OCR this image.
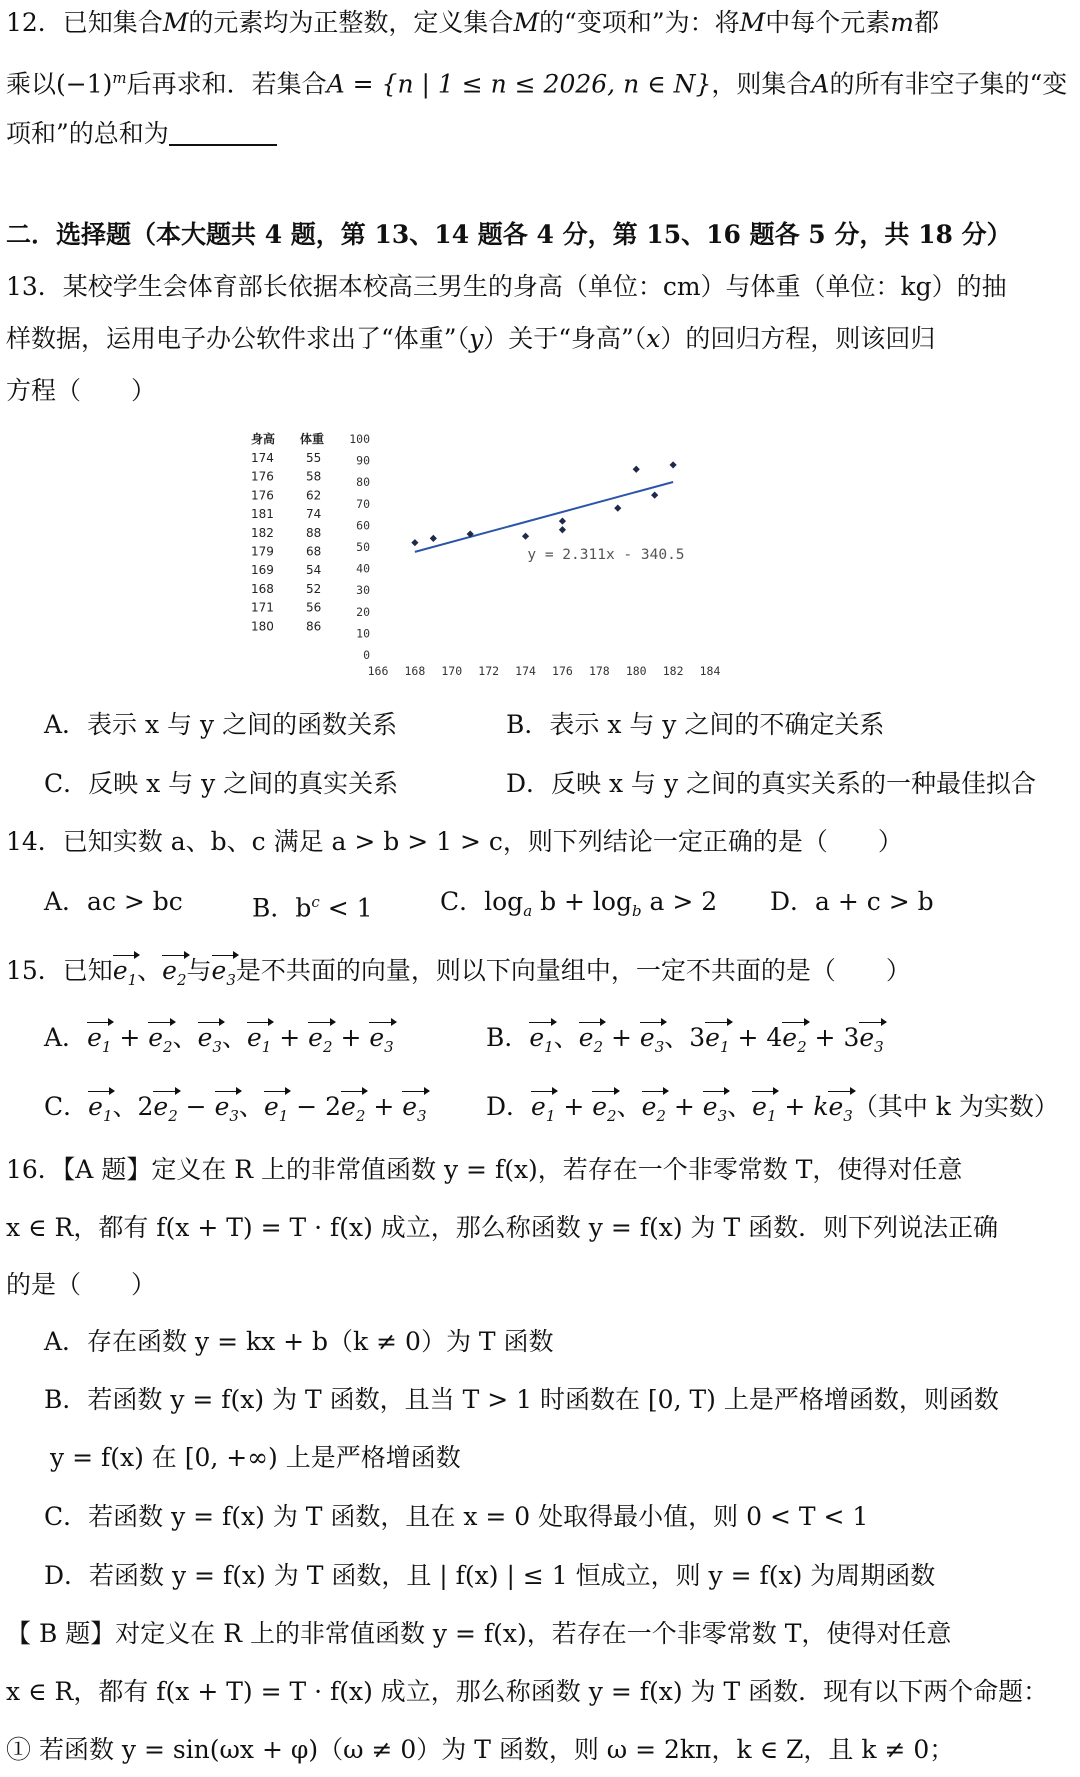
12．已知集合M的元素均为正整数，定义集合M的“变项和”为：将M中每个元素m都
乘以$(-1)^m$后再求和．若集合A = {n | 1 ≤ n ≤ 2026, n ∈ N}，则集合A的所有非空子集的“变
项和”的总和为
二．选择题（本大题共 4 题，第 13、14 题各 4 分，第 15、16 题各 5 分，共 18 分）
13．某校学生会体育部长依据本校高三男生的身高（单位：cm）与体重（单位：kg）的抽
样数据，运用电子办公软件求出了“体重”（y）关于“身高”（x）的回归方程，则该回归
方程（　　）
身高 体重
174	55
176	58
176	62
181	74
182	88
179	68
169	54
168	52
171	56
180	86
0
10
20
30
40
50
60
70
80
90
100
166 168 170 172 174 176 178 180 182 184
y = 2.311x - 340.5
A．表示 x 与 y 之间的函数关系	B．表示 x 与 y 之间的不确定关系
C．反映 x 与 y 之间的真实关系	D．反映 x 与 y 之间的真实关系的一种最佳拟合
14．已知实数 a、b、c 满足 a > b > 1 > c，则下列结论一定正确的是（　　）
A．ac > bc	B．$b^c < 1$	C．$\log_a b + \log_b a > 2$ D．a + c > b
15．已知$e_1$、$e_2$与$e_3$是不共面的向量，则以下向量组中，一定不共面的是（　　）
A．$e_1 + e_2$、$e_3$、$e_1 + e_2 + e_3$	B．$e_1$、$e_2 + e_3$、$3e_1 + 4e_2 + 3e_3$
C．$e_1$、$2e_2 - e_3$、$e_1 - 2e_2 + e_3$ D．$e_1 + e_2$、$e_2 + e_3$、$e_1 + ke_3$（其中 k 为实数）
16．【A 题】定义在 R 上的非常值函数 y = f(x)，若存在一个非零常数 T，使得对任意
x ∈ R，都有 f(x + T) = T · f(x) 成立，那么称函数 y = f(x) 为 T 函数．则下列说法正确
的是（　　）
A．存在函数 y = kx + b（k ≠ 0）为 T 函数
B．若函数 y = f(x) 为 T 函数，且当 T > 1 时函数在 [0, T) 上是严格增函数，则函数
y = f(x) 在 [0, +∞) 上是严格增函数
C．若函数 y = f(x) 为 T 函数，且在 x = 0 处取得最小值，则 0 < T < 1
D．若函数 y = f(x) 为 T 函数，且 | f(x) | ≤ 1 恒成立，则 y = f(x) 为周期函数
【 B 题】对定义在 R 上的非常值函数 y = f(x)，若存在一个非零常数 T，使得对任意
x ∈ R，都有 f(x + T) = T · f(x) 成立，那么称函数 y = f(x) 为 T 函数．现有以下两个命题：
① 若函数 y = sin(ωx + φ)（ω ≠ 0）为 T 函数，则 ω = 2kπ，k ∈ Z，且 k ≠ 0；
